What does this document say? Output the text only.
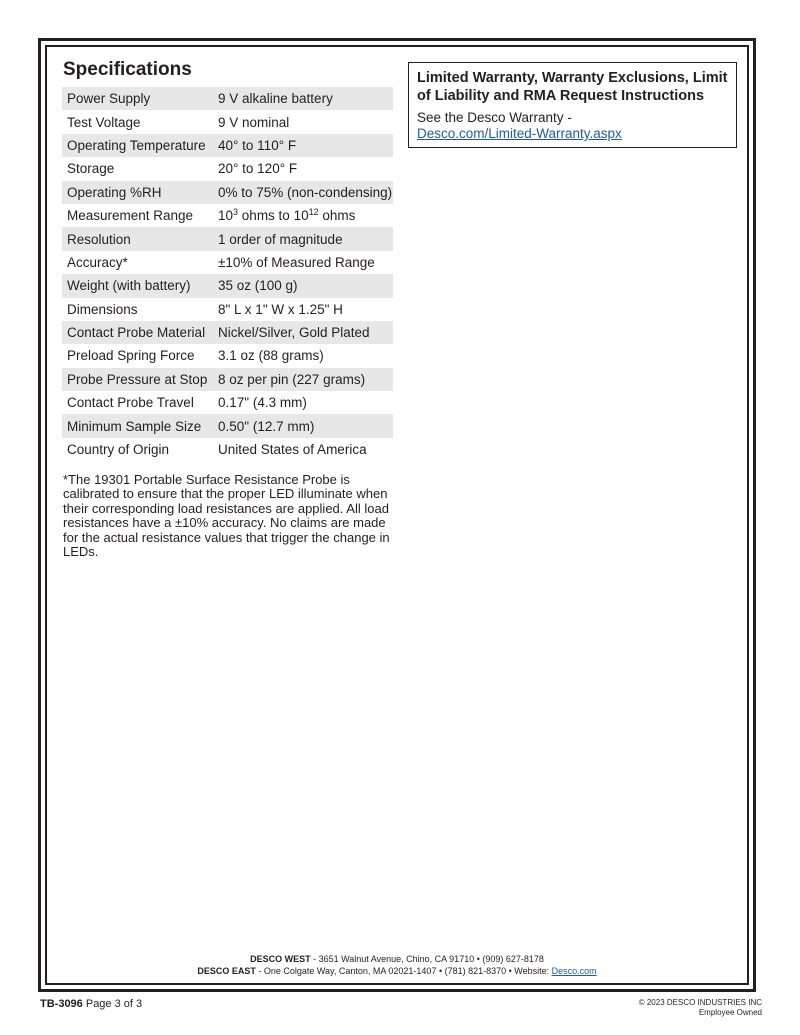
Specifications
Power Supply	9 V alkaline battery
Test Voltage	9 V nominal
Operating Temperature	40° to 110° F
Storage	20° to 120° F
Operating %RH	0% to 75% (non-condensing)
Measurement Range	$10^3$ ohms to $10^{12}$ ohms
Resolution	1 order of magnitude
Accuracy*	±10% of Measured Range
Weight (with battery)	35 oz (100 g)
Dimensions	8" L x 1" W x 1.25" H
Contact Probe Material	Nickel/Silver, Gold Plated
Preload Spring Force	3.1 oz (88 grams)
Probe Pressure at Stop	8 oz per pin (227 grams)
Contact Probe Travel	0.17" (4.3 mm)
Minimum Sample Size	0.50" (12.7 mm)
Country of Origin	United States of America

*The 19301 Portable Surface Resistance Probe is calibrated to ensure that the proper LED illuminate when their corresponding load resistances are applied. All load resistances have a ±10% accuracy. No claims are made for the actual resistance values that trigger the change in LEDs.

Limited Warranty, Warranty Exclusions, Limit of Liability and RMA Request Instructions
See the Desco Warranty -
Desco.com/Limited-Warranty.aspx
DESCO WEST - 3651 Walnut Avenue, Chino, CA 91710 • (909) 627-8178
DESCO EAST - One Colgate Way, Canton, MA 02021-1407 • (781) 821-8370 • Website: Desco.com
TB-3096 Page 3 of 3	© 2023 DESCO INDUSTRIES INC
Employee Owned
